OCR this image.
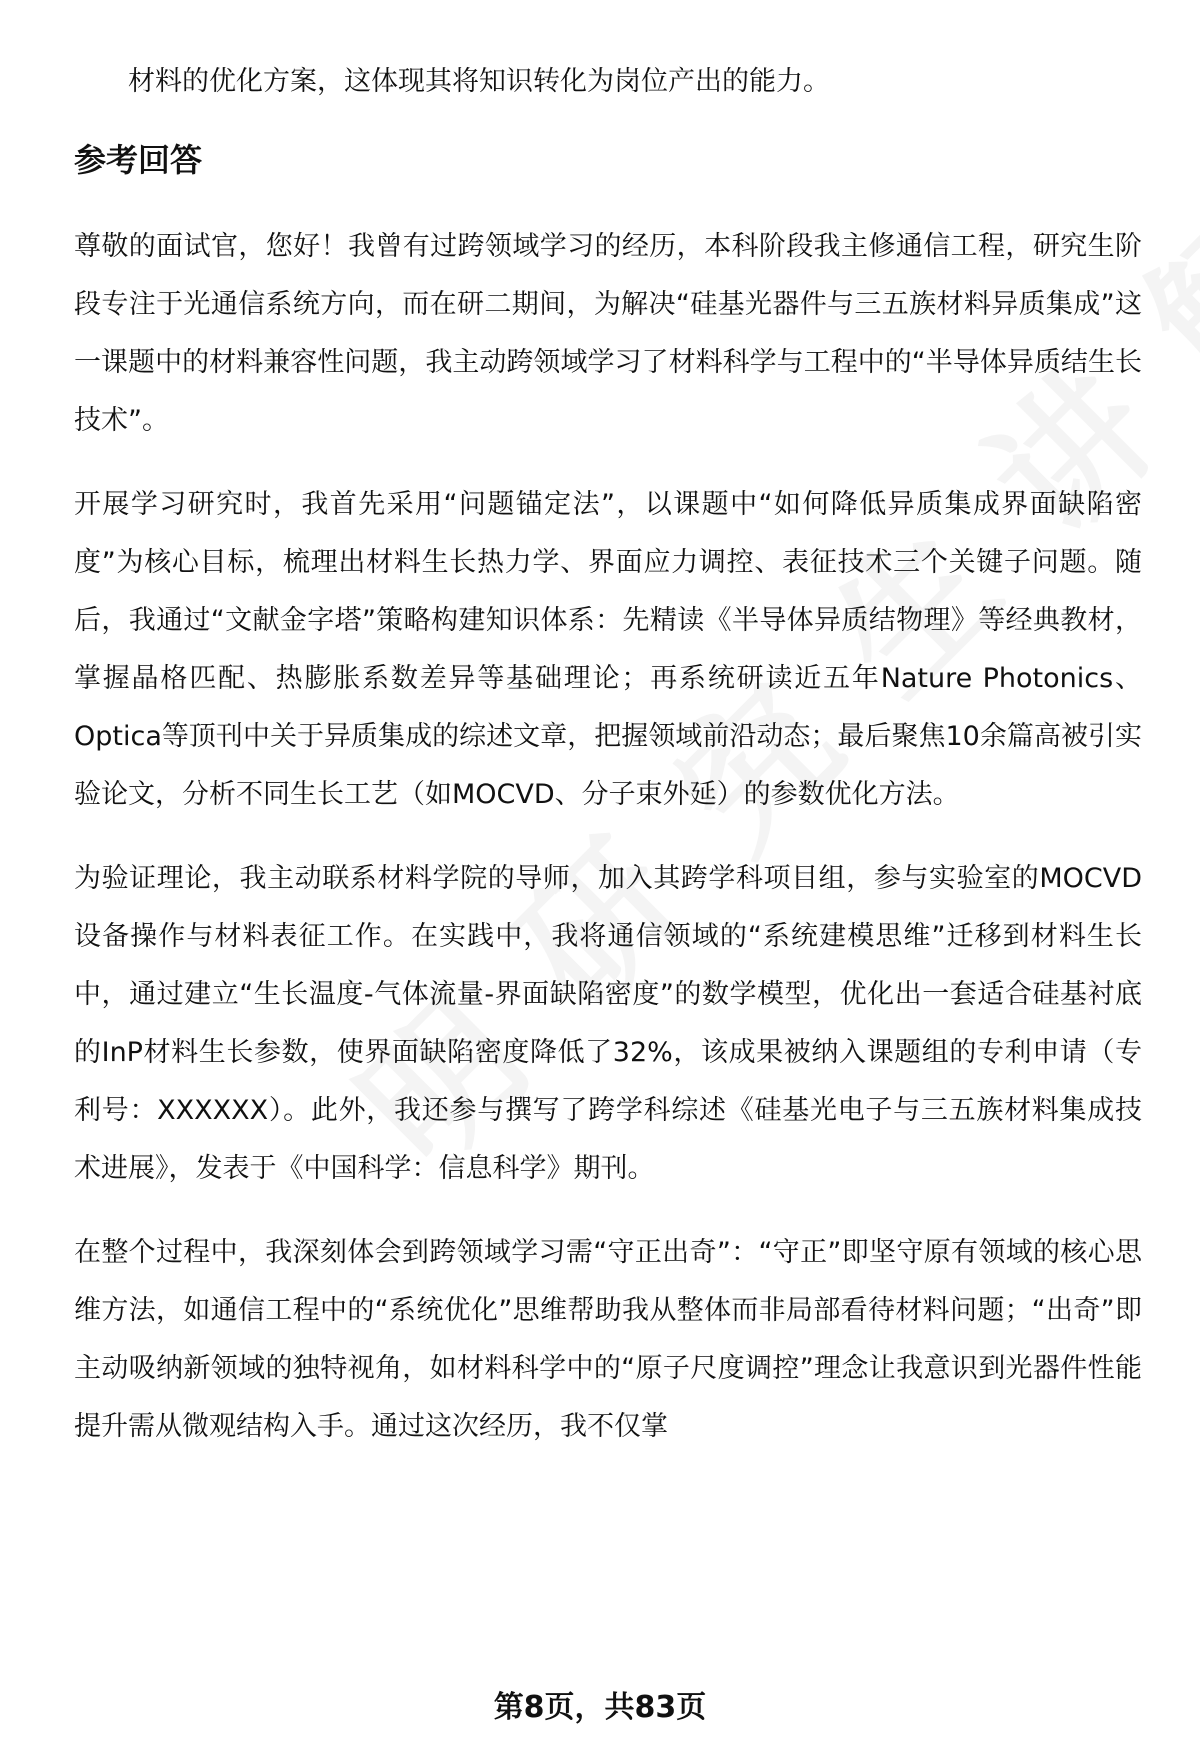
材料的优化方案，这体现其将知识转化为岗位产出的能力。
参考回答

尊敬的面试官，您好！我曾有过跨领域学习的经历，本科阶段我主修通信工程，研究生阶段专注于光通信系统方向，而在研二期间，为解决“硅基光器件与三五族材料异质集成”这一课题中的材料兼容性问题，我主动跨领域学习了材料科学与工程中的“半导体异质结生长技术”。

开展学习研究时，我首先采用“问题锚定法”，以课题中“如何降低异质集成界面缺陷密度”为核心目标，梳理出材料生长热力学、界面应力调控、表征技术三个关键子问题。随后，我通过“文献金字塔”策略构建知识体系：先精读《半导体异质结物理》等经典教材，掌握晶格匹配、热膨胀系数差异等基础理论；再系统研读近五年Nature Photonics、Optica等顶刊中关于异质集成的综述文章，把握领域前沿动态；最后聚焦10余篇高被引实验论文，分析不同生长工艺（如MOCVD、分子束外延）的参数优化方法。

为验证理论，我主动联系材料学院的导师，加入其跨学科项目组，参与实验室的MOCVD设备操作与材料表征工作。在实践中，我将通信领域的“系统建模思维”迁移到材料生长中，通过建立“生长温度-气体流量-界面缺陷密度”的数学模型，优化出一套适合硅基衬底的InP材料生长参数，使界面缺陷密度降低了32%，该成果被纳入课题组的专利申请（专利号：XXXXXX）。此外，我还参与撰写了跨学科综述《硅基光电子与三五族材料集成技术进展》，发表于《中国科学：信息科学》期刊。

在整个过程中，我深刻体会到跨领域学习需“守正出奇”：“守正”即坚守原有领域的核心思维方法，如通信工程中的“系统优化”思维帮助我从整体而非局部看待材料问题；“出奇”即主动吸纳新领域的独特视角，如材料科学中的“原子尺度调控”理念让我意识到光器件性能提升需从微观结构入手。通过这次经历，我不仅掌

第8页，共83页
